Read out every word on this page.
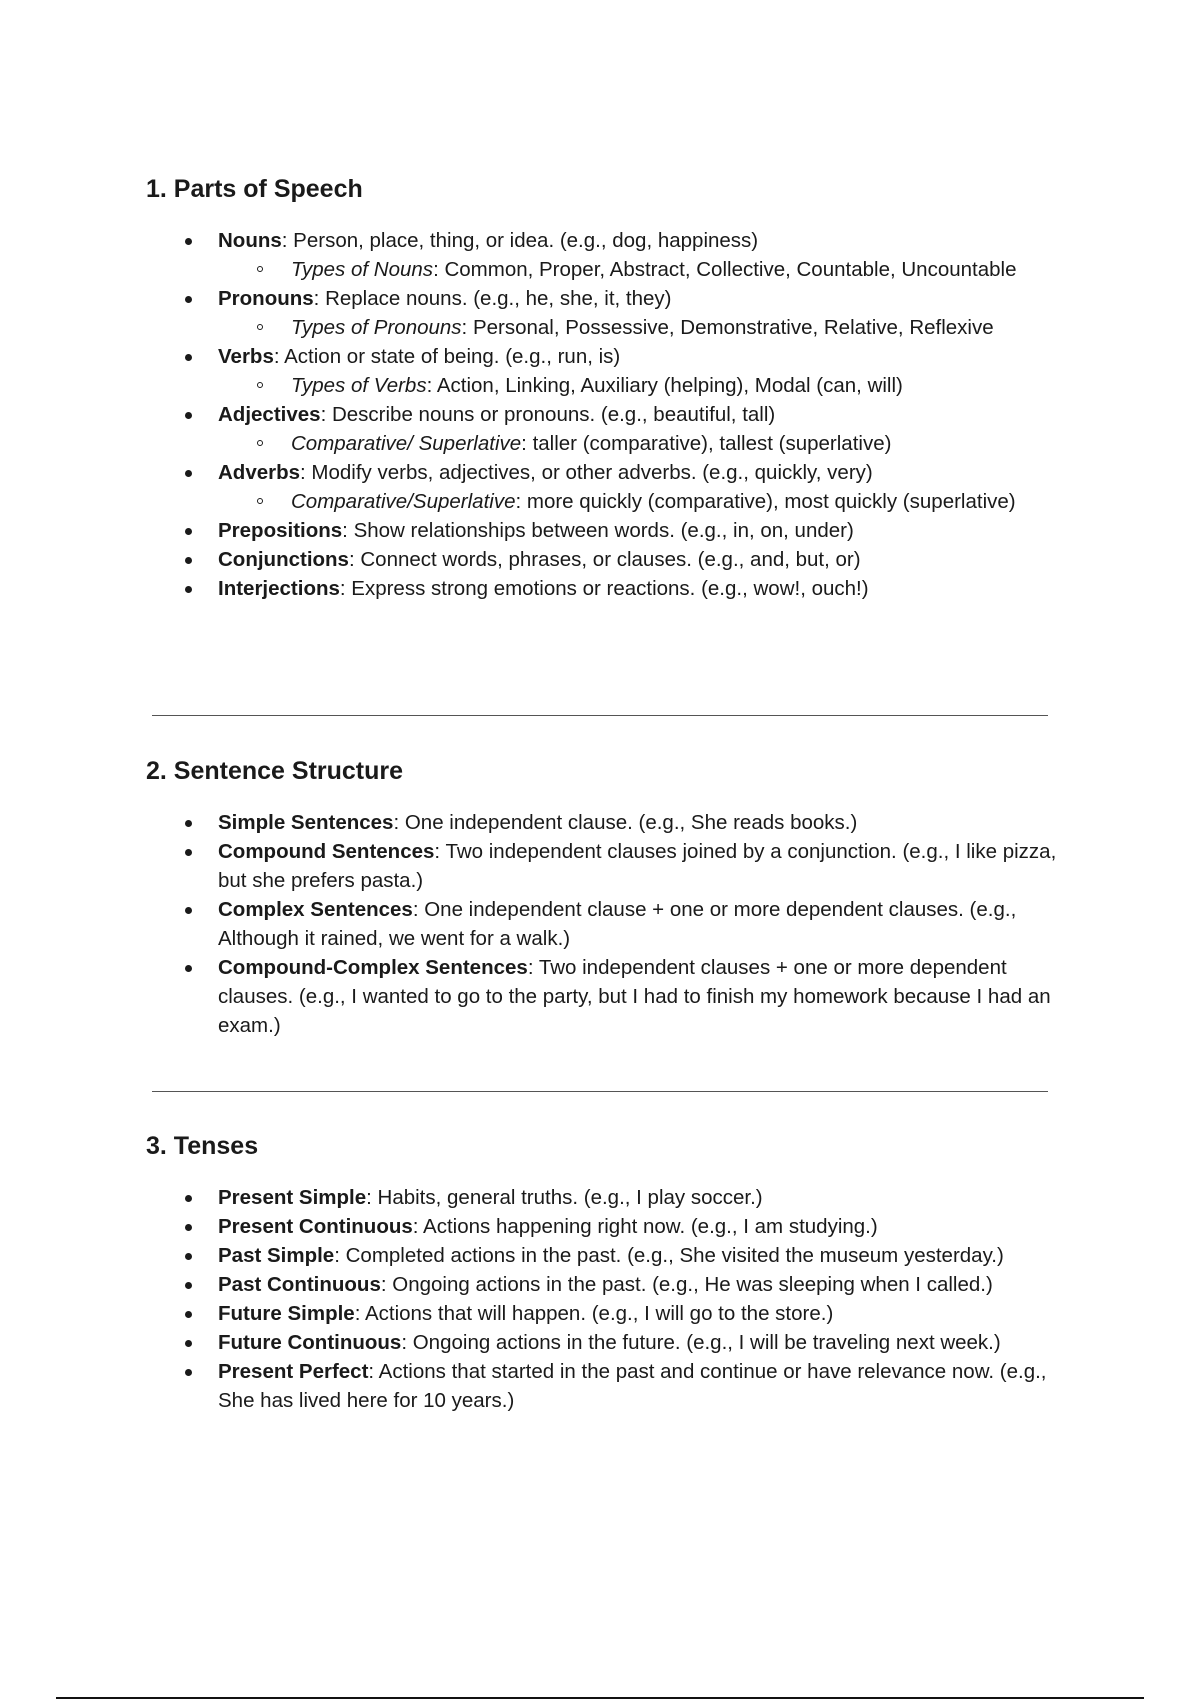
1. Parts of Speech
Nouns: Person, place, thing, or idea. (e.g., dog, happiness)
Types of Nouns: Common, Proper, Abstract, Collective, Countable, Uncountable
Pronouns: Replace nouns. (e.g., he, she, it, they)
Types of Pronouns: Personal, Possessive, Demonstrative, Relative, Reflexive
Verbs: Action or state of being. (e.g., run, is)
Types of Verbs: Action, Linking, Auxiliary (helping), Modal (can, will)
Adjectives: Describe nouns or pronouns. (e.g., beautiful, tall)
Comparative/ Superlative: taller (comparative), tallest (superlative)
Adverbs: Modify verbs, adjectives, or other adverbs. (e.g., quickly, very)
Comparative/Superlative: more quickly (comparative), most quickly (superlative)
Prepositions: Show relationships between words. (e.g., in, on, under)
Conjunctions: Connect words, phrases, or clauses. (e.g., and, but, or)
Interjections: Express strong emotions or reactions. (e.g., wow!, ouch!)
2. Sentence Structure
Simple Sentences: One independent clause. (e.g., She reads books.)
Compound Sentences: Two independent clauses joined by a conjunction. (e.g., I like pizza, but she prefers pasta.)
Complex Sentences: One independent clause + one or more dependent clauses. (e.g., Although it rained, we went for a walk.)
Compound-Complex Sentences: Two independent clauses + one or more dependent clauses. (e.g., I wanted to go to the party, but I had to finish my homework because I had an exam.)
3. Tenses
Present Simple: Habits, general truths. (e.g., I play soccer.)
Present Continuous: Actions happening right now. (e.g., I am studying.)
Past Simple: Completed actions in the past. (e.g., She visited the museum yesterday.)
Past Continuous: Ongoing actions in the past. (e.g., He was sleeping when I called.)
Future Simple: Actions that will happen. (e.g., I will go to the store.)
Future Continuous: Ongoing actions in the future. (e.g., I will be traveling next week.)
Present Perfect: Actions that started in the past and continue or have relevance now. (e.g., She has lived here for 10 years.)
